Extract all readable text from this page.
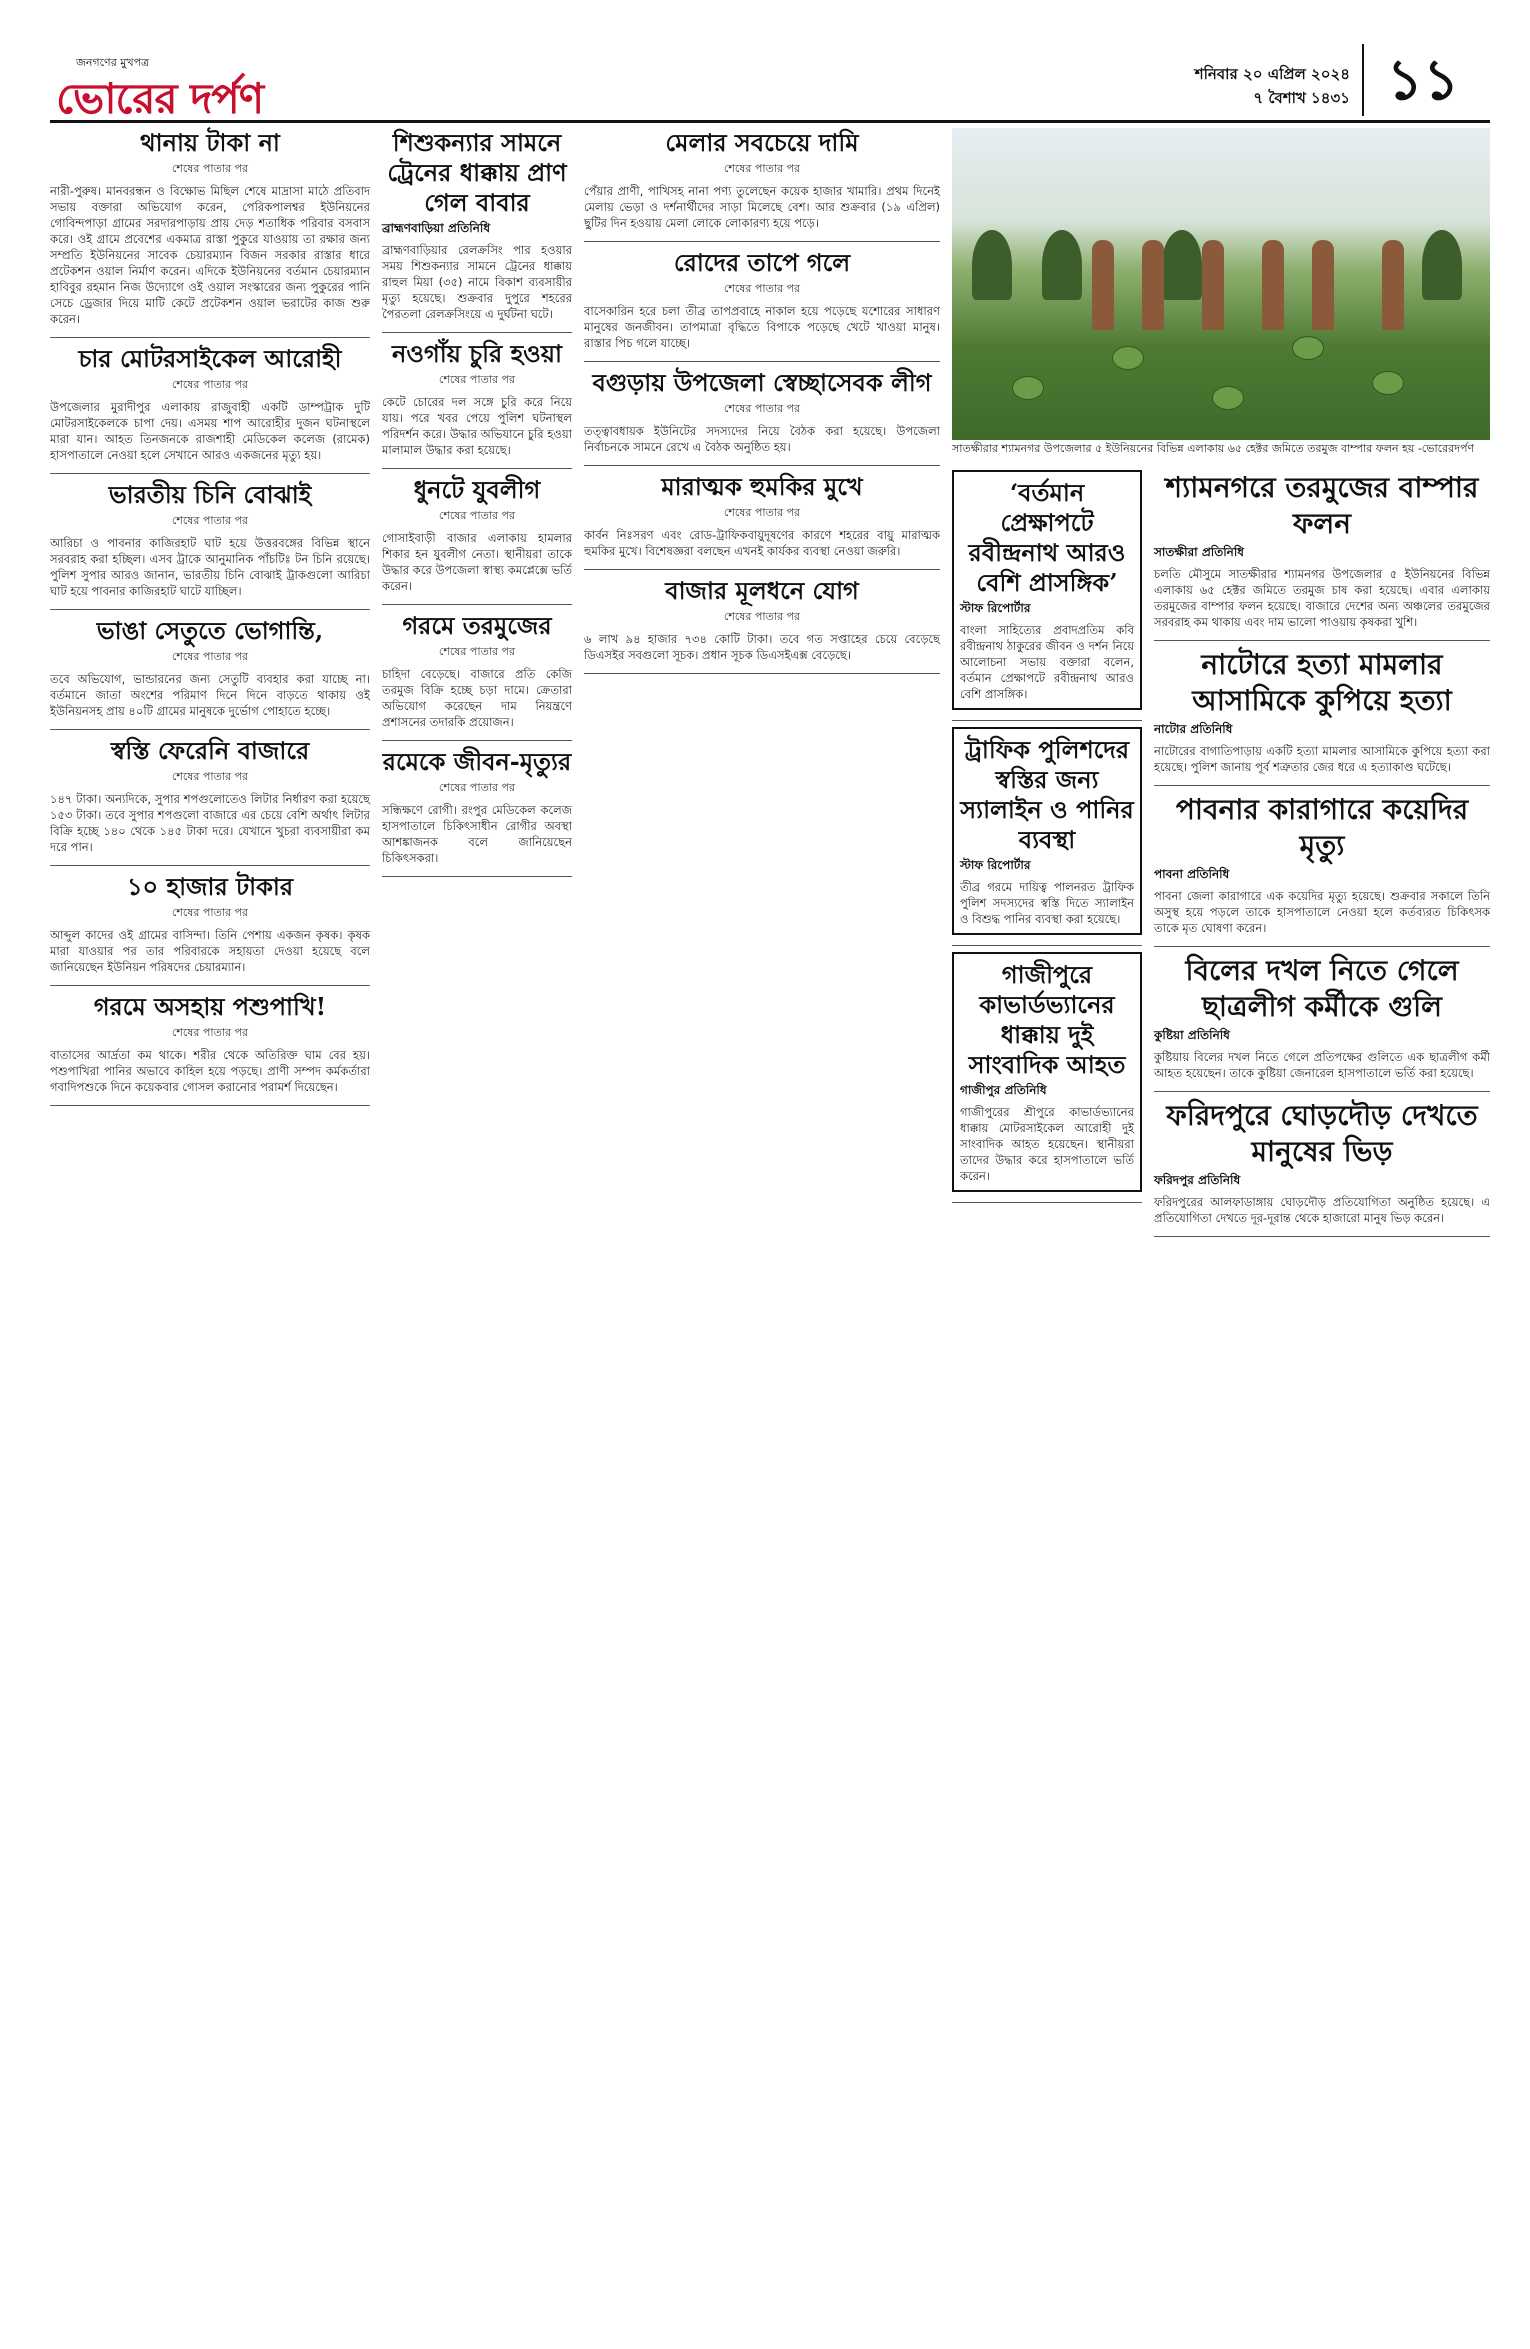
জনগণের মুখপত্র
ভোরের দর্পণ	শনিবার ২০ এপ্রিল ২০২৪
৭ বৈশাখ ১৪৩১ ১১
থানায় টাকা না
শেষের পাতার পর

নারী-পুরুষ। মানবরন্ধন ও বিক্ষোভ মিছিল শেষে মাদ্রাসা মাঠে প্রতিবাদ সভায় বক্তারা অভিযোগ করেন, পেরিকপালশ্বর ইউনিয়নের গোবিন্দপাড়া গ্রামের সরদারপাড়ায় প্রায় দেড় শতাধিক পরিবার বসবাস করে। ওই গ্রামে প্রবেশের একমাত্র রাস্তা পুকুরে যাওয়ায় তা রক্ষার জন্য সম্প্রতি ইউনিয়নের সাবেক চেয়ারম্যান বিজন সরকার রাস্তার ধারে প্রটেকশন ওয়াল নির্মাণ করেন। এদিকে ইউনিয়নের বর্তমান চেয়ারম্যান হাবিবুর রহমান নিজ উদ্যোগে ওই ওয়াল সংস্কারের জন্য পুকুরের পানি সেচে ড্রেজার দিয়ে মাটি কেটে প্রটেকশন ওয়াল ভরাটের কাজ শুরু করেন।

চার মোটরসাইকেল আরোহী
শেষের পাতার পর

উপজেলার মুরাদীপুর এলাকায় রাজুবাহী একটি ডাম্পট্রাক দুটি মোটরসাইকেলকে চাপা দেয়। এসময় শাপ আরোহীর দুজন ঘটনাস্থলে মারা যান। আহত তিনজনকে রাজশাহী মেডিকেল কলেজ (রামেক) হাসপাতালে নেওয়া হলে সেখানে আরও একজনের মৃত্যু হয়।

ভারতীয় চিনি বোঝাই
শেষের পাতার পর

আরিচা ও পাবনার কাজিরহাট ঘাট হয়ে উত্তরবঙ্গের বিভিন্ন স্থানে সরবরাহ করা হচ্ছিল। এসব ট্রাকে আনুমানিক পাঁচটিঃ টন চিনি রয়েছে। পুলিশ সুপার আরও জানান, ভারতীয় চিনি বোঝাই ট্রাকগুলো আরিচা ঘাট হয়ে পাবনার কাজিরহাট ঘাটে যাচ্ছিল।

ভাঙা সেতুতে ভোগান্তি,
শেষের পাতার পর

তবে অভিযোগ, ভান্ডারনের জন্য সেতুটি ব্যবহার করা যাচ্ছে না। বর্তমানে জাতা অংশের পরিমাণ দিনে দিনে বাড়তে থাকায় ওই ইউনিয়নসহ প্রায় ৪০টি গ্রামের মানুষকে দুর্ভোগ পোহাতে হচ্ছে।

স্বস্তি ফেরেনি বাজারে
শেষের পাতার পর

১৪৭ টাকা। অন্যদিকে, সুপার শপগুলোতেও লিটার নির্ধারণ করা হয়েছে ১৫৩ টাকা। তবে সুপার শপগুলো বাজারে এর চেয়ে বেশি অর্থাৎ লিটার বিক্রি হচ্ছে ১৪০ থেকে ১৪৫ টাকা দরে। যেখানে খুচরা ব্যবসায়ীরা কম দরে পান।

১০ হাজার টাকার
শেষের পাতার পর

আব্দুল কাদের ওই গ্রামের বাসিন্দা। তিনি পেশায় একজন কৃষক। কৃষক মারা যাওয়ার পর তার পরিবারকে সহায়তা দেওয়া হয়েছে বলে জানিয়েছেন ইউনিয়ন পরিষদের চেয়ারম্যান।

গরমে অসহায় পশুপাখি!
শেষের পাতার পর

বাতাসের আর্দ্রতা কম থাকে। শরীর থেকে অতিরিক্ত ঘাম বের হয়। পশুপাখিরা পানির অভাবে কাহিল হয়ে পড়ছে। প্রাণী সম্পদ কর্মকর্তারা গবাদিপশুকে দিনে কয়েকবার গোসল করানোর পরামর্শ দিয়েছেন।

শিশুকন্যার সামনে ট্রেনের ধাক্কায় প্রাণ গেল বাবার
ব্রাহ্মণবাড়িয়া প্রতিনিধি

ব্রাহ্মণবাড়িয়ার রেলক্রসিং পার হওয়ার সময় শিশুকন্যার সামনে ট্রেনের ধাক্কায় রাহুল মিয়া (৩৫) নামে বিকাশ ব্যবসায়ীর মৃত্যু হয়েছে। শুক্রবার দুপুরে শহরের পৈরতলা রেলক্রসিংয়ে এ দুর্ঘটনা ঘটে।

নওগাঁয় চুরি হওয়া
শেষের পাতার পর

কেটে চোরের দল সঙ্গে চুরি করে নিয়ে যায়। পরে খবর পেয়ে পুলিশ ঘটনাস্থল পরিদর্শন করে। উদ্ধার অভিযানে চুরি হওয়া মালামাল উদ্ধার করা হয়েছে।

ধুনটে যুবলীগ
শেষের পাতার পর

গোসাইবাড়ী বাজার এলাকায় হামলার শিকার হন যুবলীগ নেতা। স্থানীয়রা তাকে উদ্ধার করে উপজেলা স্বাস্থ্য কমপ্লেক্সে ভর্তি করেন।

গরমে তরমুজের
শেষের পাতার পর

চাহিদা বেড়েছে। বাজারে প্রতি কেজি তরমুজ বিক্রি হচ্ছে চড়া দামে। ক্রেতারা অভিযোগ করেছেন দাম নিয়ন্ত্রণে প্রশাসনের তদারকি প্রয়োজন।

রমেকে জীবন-মৃত্যুর
শেষের পাতার পর

সন্ধিক্ষণে রোগী। রংপুর মেডিকেল কলেজ হাসপাতালে চিকিৎসাধীন রোগীর অবস্থা আশঙ্কাজনক বলে জানিয়েছেন চিকিৎসকরা।

মেলার সবচেয়ে দামি
শেষের পাতার পর

পেঁয়ার প্রাণী, পাখিসহ নানা পণ্য তুলেছেন কয়েক হাজার খামারি। প্রথম দিনেই মেলায় ভেড়া ও দর্শনার্থীদের সাড়া মিলেছে বেশ। আর শুক্রবার (১৯ এপ্রিল) ছুটির দিন হওয়ায় মেলা লোকে লোকারণ্য হয়ে পড়ে।

রোদের তাপে গলে
শেষের পাতার পর

বাসেকারিন হরে চলা তীব্র তাপপ্রবাহে নাকাল হয়ে পড়েছে যশোরের সাধারণ মানুষের জনজীবন। তাপমাত্রা বৃদ্ধিতে বিপাকে পড়েছে খেটে খাওয়া মানুষ। রাস্তার পিচ গলে যাচ্ছে।

বগুড়ায় উপজেলা স্বেচ্ছাসেবক লীগ
শেষের পাতার পর

তত্ত্বাবধায়ক ইউনিটের সদস্যদের নিয়ে বৈঠক করা হয়েছে। উপজেলা নির্বাচনকে সামনে রেখে এ বৈঠক অনুষ্ঠিত হয়।

মারাত্মক হুমকির মুখে
শেষের পাতার পর

কার্বন নিঃসরণ এবং রোড-ট্রাফিকবায়ুদূষণের কারণে শহরের বায়ু মারাত্মক হুমকির মুখে। বিশেষজ্ঞরা বলছেন এখনই কার্যকর ব্যবস্থা নেওয়া জরুরি।

বাজার মূলধনে যোগ
শেষের পাতার পর

৬ লাখ ৯৪ হাজার ৭৩৪ কোটি টাকা। তবে গত সপ্তাহের চেয়ে বেড়েছে ডিএসইর সবগুলো সূচক। প্রধান সূচক ডিএসইএক্স বেড়েছে।

সাতক্ষীরার শ্যামনগর উপজেলার ৫ ইউনিয়নের বিভিন্ন এলাকায় ৬৫ হেক্টর জমিতে তরমুজ বাম্পার ফলন হয় -ভোরেরদর্পণ
‘বর্তমান প্রেক্ষাপটে রবীন্দ্রনাথ আরও বেশি প্রাসঙ্গিক’
স্টাফ রিপোর্টার

বাংলা সাহিত্যের প্রবাদপ্রতিম কবি রবীন্দ্রনাথ ঠাকুরের জীবন ও দর্শন নিয়ে আলোচনা সভায় বক্তারা বলেন, বর্তমান প্রেক্ষাপটে রবীন্দ্রনাথ আরও বেশি প্রাসঙ্গিক।

ট্রাফিক পুলিশদের স্বস্তির জন্য স্যালাইন ও পানির ব্যবস্থা
স্টাফ রিপোর্টার

তীব্র গরমে দায়িত্ব পালনরত ট্রাফিক পুলিশ সদস্যদের স্বস্তি দিতে স্যালাইন ও বিশুদ্ধ পানির ব্যবস্থা করা হয়েছে।

গাজীপুরে কাভার্ডভ্যানের ধাক্কায় দুই সাংবাদিক আহত
গাজীপুর প্রতিনিধি

গাজীপুরের শ্রীপুরে কাভার্ডভ্যানের ধাক্কায় মোটরসাইকেল আরোহী দুই সাংবাদিক আহত হয়েছেন। স্থানীয়রা তাদের উদ্ধার করে হাসপাতালে ভর্তি করেন।

শ্যামনগরে তরমুজের বাম্পার ফলন
সাতক্ষীরা প্রতিনিধি

চলতি মৌসুমে সাতক্ষীরার শ্যামনগর উপজেলার ৫ ইউনিয়নের বিভিন্ন এলাকায় ৬৫ হেক্টর জমিতে তরমুজ চাষ করা হয়েছে। এবার এলাকায় তরমুজের বাম্পার ফলন হয়েছে। বাজারে দেশের অন্য অঞ্চলের তরমুজের সরবরাহ কম থাকায় এবং দাম ভালো পাওয়ায় কৃষকরা খুশি।

নাটোরে হত্যা মামলার আসামিকে কুপিয়ে হত্যা
নাটোর প্রতিনিধি

নাটোরের বাগাতিপাড়ায় একটি হত্যা মামলার আসামিকে কুপিয়ে হত্যা করা হয়েছে। পুলিশ জানায় পূর্ব শত্রুতার জের ধরে এ হত্যাকাণ্ড ঘটেছে।

পাবনার কারাগারে কয়েদির মৃত্যু
পাবনা প্রতিনিধি

পাবনা জেলা কারাগারে এক কয়েদির মৃত্যু হয়েছে। শুক্রবার সকালে তিনি অসুস্থ হয়ে পড়লে তাকে হাসপাতালে নেওয়া হলে কর্তব্যরত চিকিৎসক তাকে মৃত ঘোষণা করেন।

বিলের দখল নিতে গেলে ছাত্রলীগ কর্মীকে গুলি
কুষ্টিয়া প্রতিনিধি

কুষ্টিয়ায় বিলের দখল নিতে গেলে প্রতিপক্ষের গুলিতে এক ছাত্রলীগ কর্মী আহত হয়েছেন। তাকে কুষ্টিয়া জেনারেল হাসপাতালে ভর্তি করা হয়েছে।

ফরিদপুরে ঘোড়দৌড় দেখতে মানুষের ভিড়
ফরিদপুর প্রতিনিধি

ফরিদপুরের আলফাডাঙ্গায় ঘোড়দৌড় প্রতিযোগিতা অনুষ্ঠিত হয়েছে। এ প্রতিযোগিতা দেখতে দূর-দূরান্ত থেকে হাজারো মানুষ ভিড় করেন।
